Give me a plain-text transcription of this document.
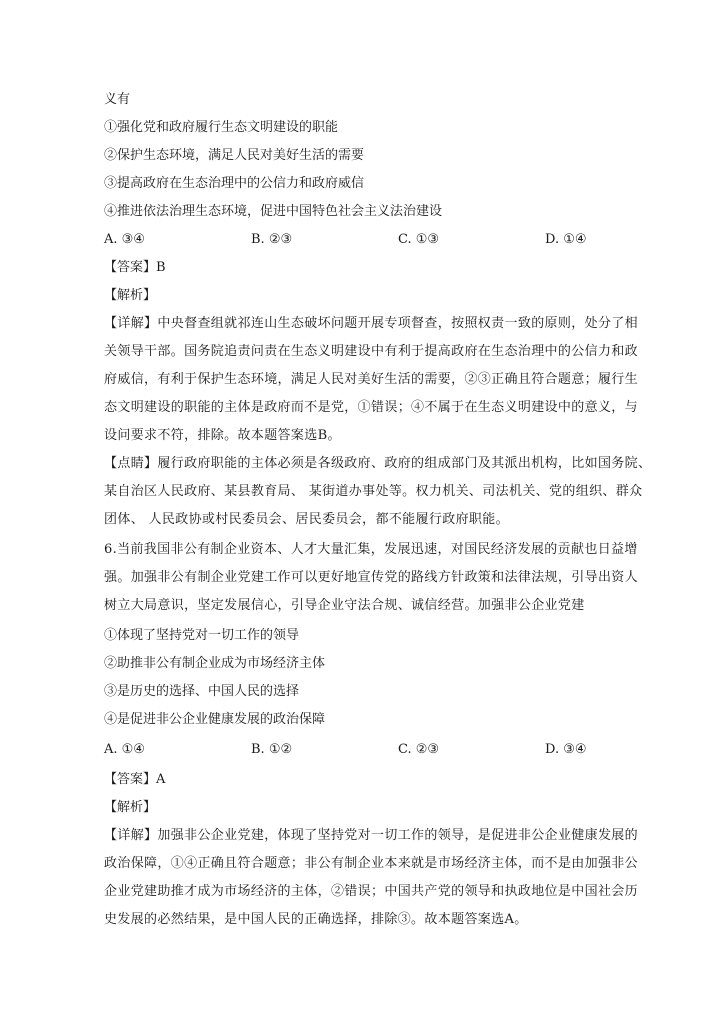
义有
①强化党和政府履行生态文明建设的职能
②保护生态环境，满足人民对美好生活的需要
③提高政府在生态治理中的公信力和政府威信
④推进依法治理生态环境，促进中国特色社会主义法治建设
A. ③④	B. ②③	C. ①③	D. ①④
【答案】B
【解析】
【详解】中央督查组就祁连山生态破坏问题开展专项督查，按照权责一致的原则，处分了相
关领导干部。国务院追责问责在生态义明建设中有利于提高政府在生态治理中的公信力和政
府威信，有利于保护生态环境，满足人民对美好生活的需要，②③正确且符合题意；履行生
态文明建设的职能的主体是政府而不是党，①错误；④不属于在生态义明建设中的意义，与
设问要求不符，排除。故本题答案选B。
【点睛】履行政府职能的主体必须是各级政府、政府的组成部门及其派出机构，比如国务院、
某自治区人民政府、某县教育局、 某街道办事处等。权力机关、司法机关、党的组织、群众
团体、 人民政协或村民委员会、居民委员会，都不能履行政府职能。
6.当前我国非公有制企业资本、人才大量汇集，发展迅速，对国民经济发展的贡献也日益增
强。加强非公有制企业党建工作可以更好地宣传党的路线方针政策和法律法规，引导出资人
树立大局意识，坚定发展信心，引导企业守法合规、诚信经营。加强非公企业党建
①体现了坚持党对一切工作的领导
②助推非公有制企业成为市场经济主体
③是历史的选择、中国人民的选择
④是促进非公企业健康发展的政治保障
A. ①④	B. ①②	C. ②③	D. ③④
【答案】A
【解析】
【详解】加强非公企业党建，体现了坚持党对一切工作的领导，是促进非公企业健康发展的
政治保障，①④正确且符合题意；非公有制企业本来就是市场经济主体，而不是由加强非公
企业党建助推才成为市场经济的主体，②错误；中国共产党的领导和执政地位是中国社会历
史发展的必然结果，是中国人民的正确选择，排除③。故本题答案选A。
